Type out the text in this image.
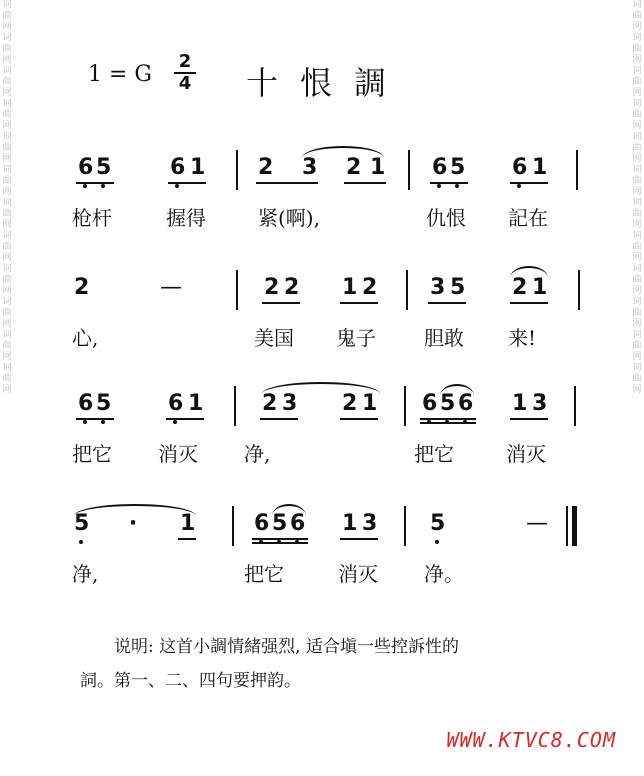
词曲网词曲网词曲网词曲网词曲网词曲网词曲网词曲网词曲网词曲网词曲网词曲网
词曲网词曲网词曲网词曲网词曲网词曲网词曲网词曲网词曲网词曲网词曲网词曲网
1 = G $\frac{2}{4}$ 十恨調
6 5	6 1 2 3 2 1 6 5 6 1
枪杆	握得	紧(啊),	仇恨 記在
2	—	2 2 1 2 3 5 2 1
心,	美国 鬼子 胆敢 来!
6 5	6 1	2 3 2 1 6 5 6 1 3
把它 消灭 净,	把它	消灭
5 · 1	6 5 6 1 3 5	—
净,	把它	消灭 净。
说明: 这首小調情緒强烈, 适合塡一些控訴性的
詞。第一、二、四句要押韵。
WWW.KTVC8.COM
